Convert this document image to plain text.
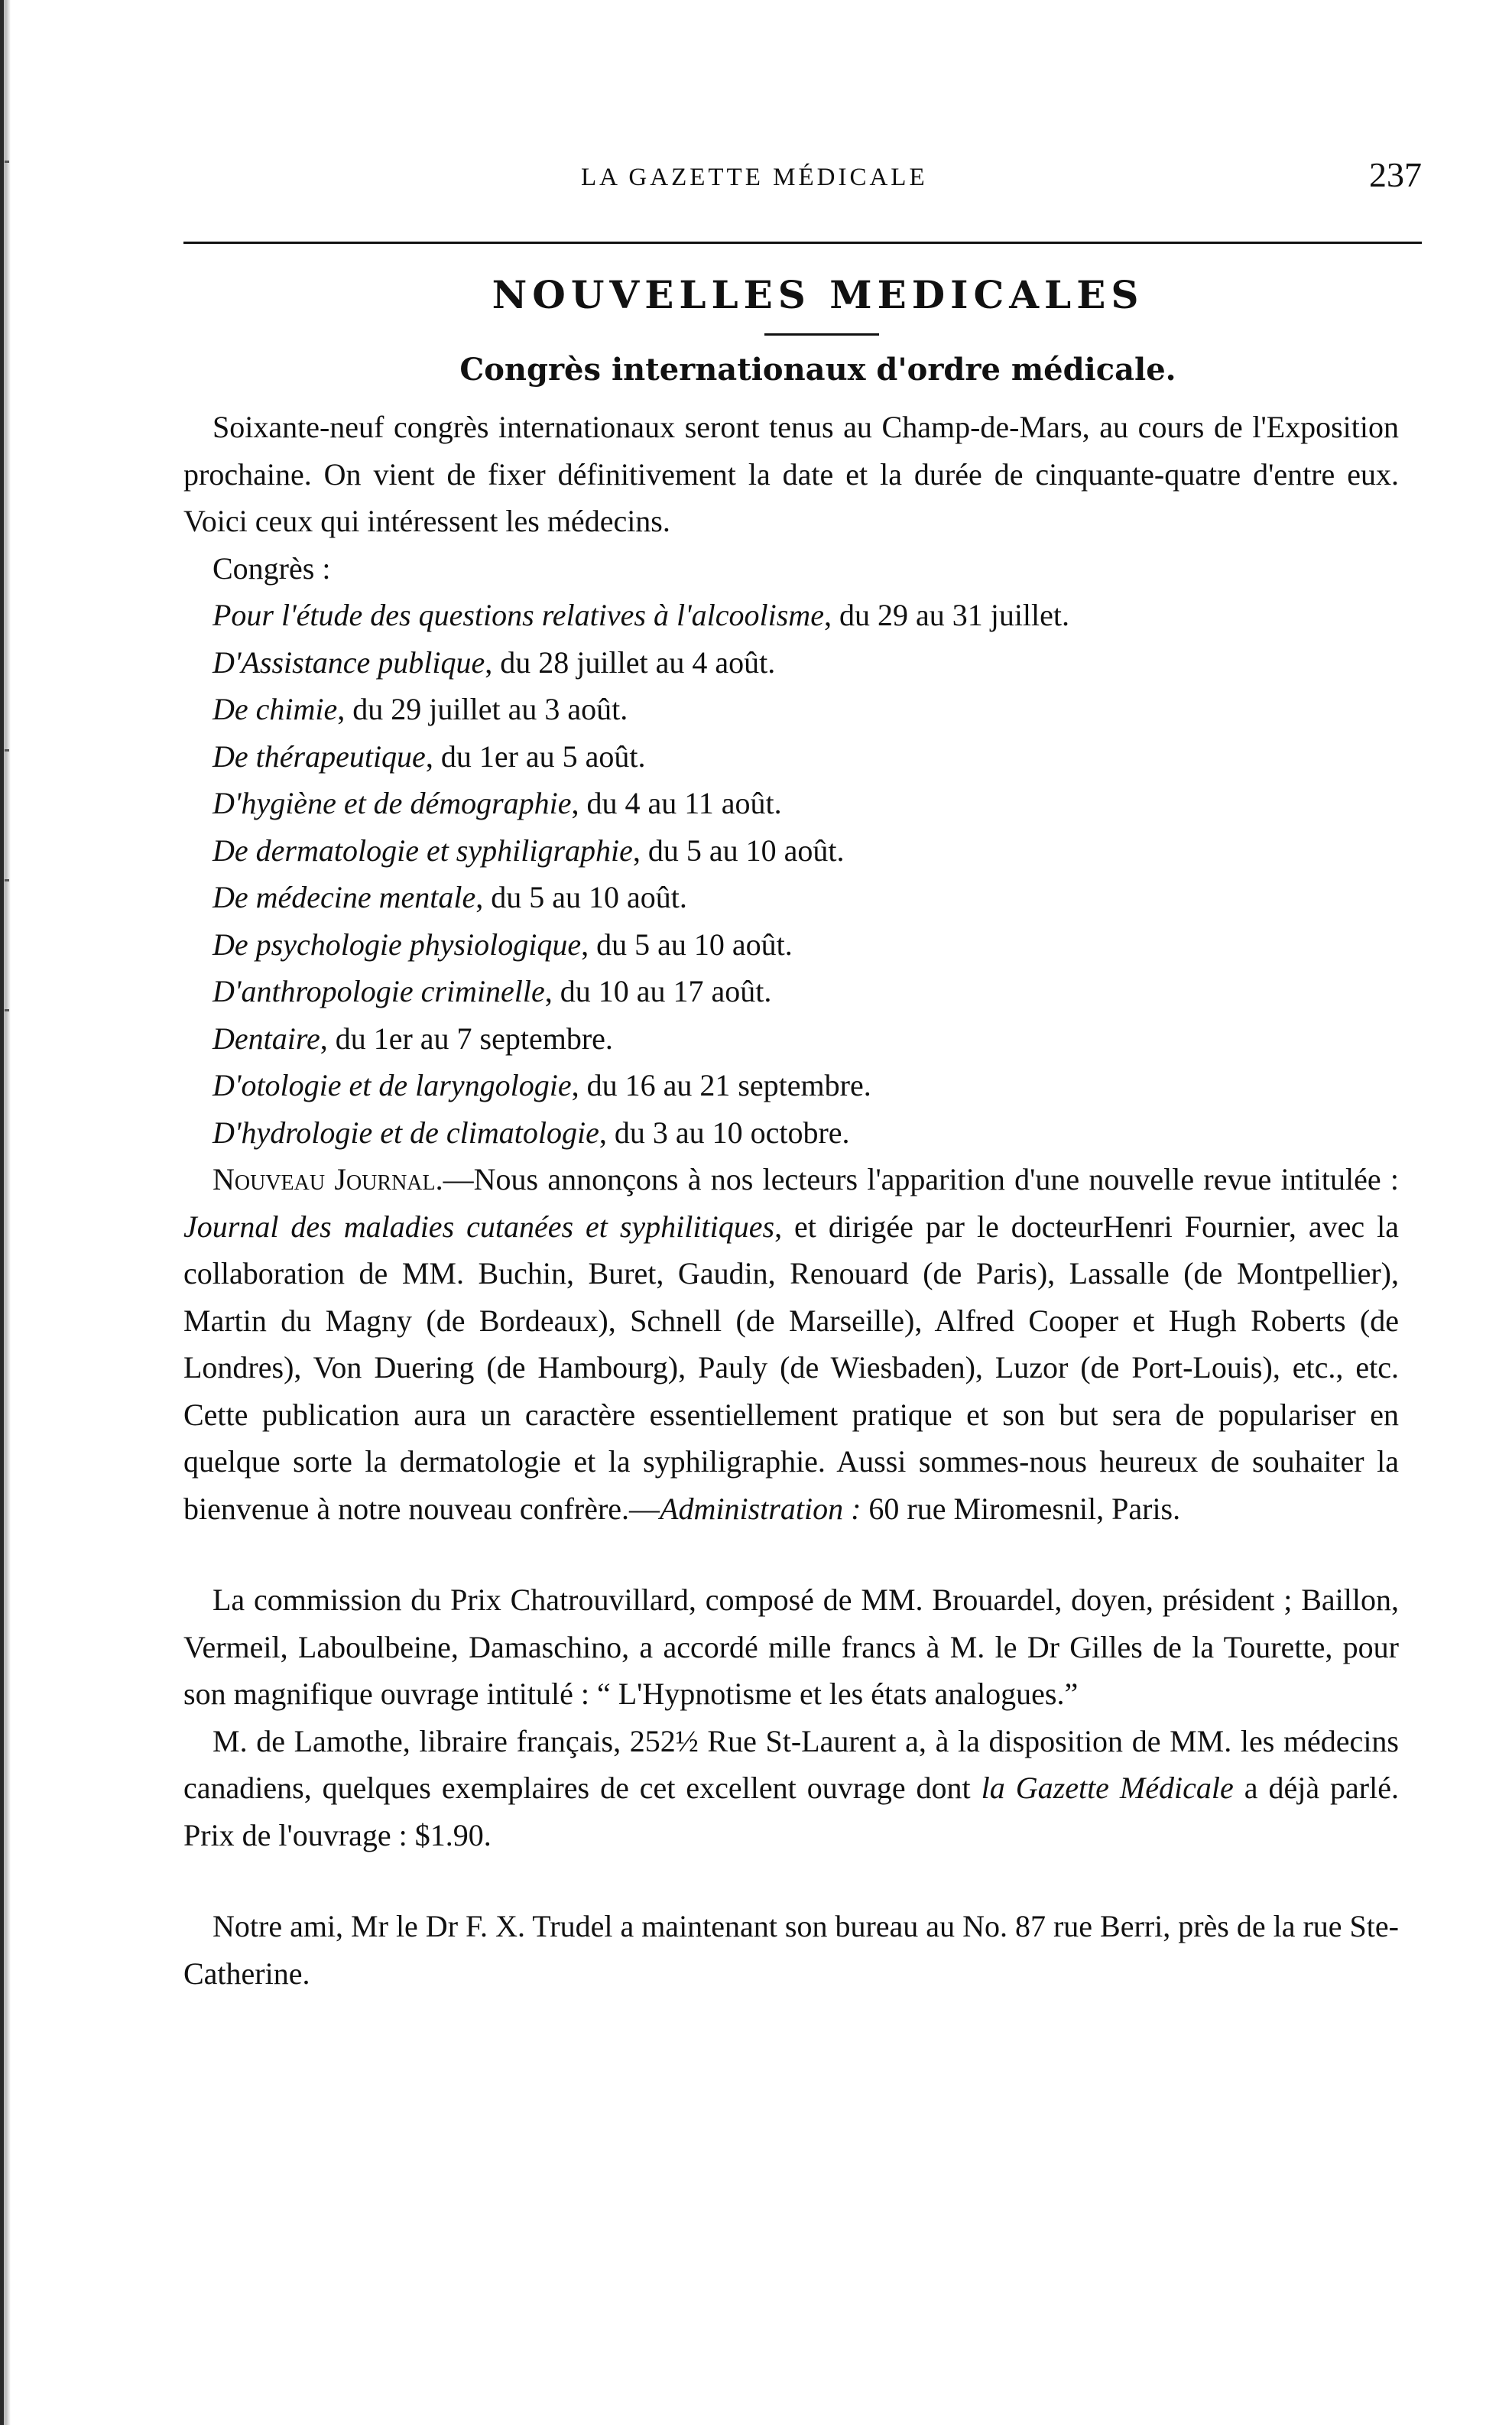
LA GAZETTE MÉDICALE	237
NOUVELLES MEDICALES
Congrès internationaux d'ordre médicale.

Soixante-neuf congrès internationaux seront tenus au Champ-de-Mars, au cours de l'Exposition prochaine. On vient de fixer définitivement la date et la durée de cinquante-quatre d'entre eux. Voici ceux qui intéressent les médecins.

Congrès :

Pour l'étude des questions relatives à l'alcoolisme, du 29 au 31 juillet.
D'Assistance publique, du 28 juillet au 4 août.
De chimie, du 29 juillet au 3 août.
De thérapeutique, du 1er au 5 août.
D'hygiène et de démographie, du 4 au 11 août.
De dermatologie et syphiligraphie, du 5 au 10 août.
De médecine mentale, du 5 au 10 août.
De psychologie physiologique, du 5 au 10 août.
D'anthropologie criminelle, du 10 au 17 août.
Dentaire, du 1er au 7 septembre.
D'otologie et de laryngologie, du 16 au 21 septembre.
D'hydrologie et de climatologie, du 3 au 10 octobre.

Nouveau Journal.—Nous annonçons à nos lecteurs l'apparition d'une nouvelle revue intitulée : Journal des maladies cutanées et syphilitiques, et dirigée par le docteurHenri Fournier, avec la collaboration de MM. Buchin, Buret, Gaudin, Renouard (de Paris), Lassalle (de Montpellier), Martin du Magny (de Bordeaux), Schnell (de Marseille), Alfred Cooper et Hugh Roberts (de Londres), Von Duering (de Hambourg), Pauly (de Wiesbaden), Luzor (de Port-Louis), etc., etc. Cette publication aura un caractère essentiellement pratique et son but sera de populariser en quelque sorte la dermatologie et la syphiligraphie. Aussi sommes-nous heureux de souhaiter la bienvenue à notre nouveau confrère.—Administration : 60 rue Miromesnil, Paris.

La commission du Prix Chatrouvillard, composé de MM. Brouardel, doyen, président ; Baillon, Vermeil, Laboulbeine, Damaschino, a accordé mille francs à M. le Dr Gilles de la Tourette, pour son magnifique ouvrage intitulé : “ L'Hypnotisme et les états analogues.”

M. de Lamothe, libraire français, 252½ Rue St-Laurent a, à la disposition de MM. les médecins canadiens, quelques exemplaires de cet excellent ouvrage dont la Gazette Médicale a déjà parlé. Prix de l'ouvrage : $1.90.

Notre ami, Mr le Dr F. X. Trudel a maintenant son bureau au No. 87 rue Berri, près de la rue Ste-Catherine.
